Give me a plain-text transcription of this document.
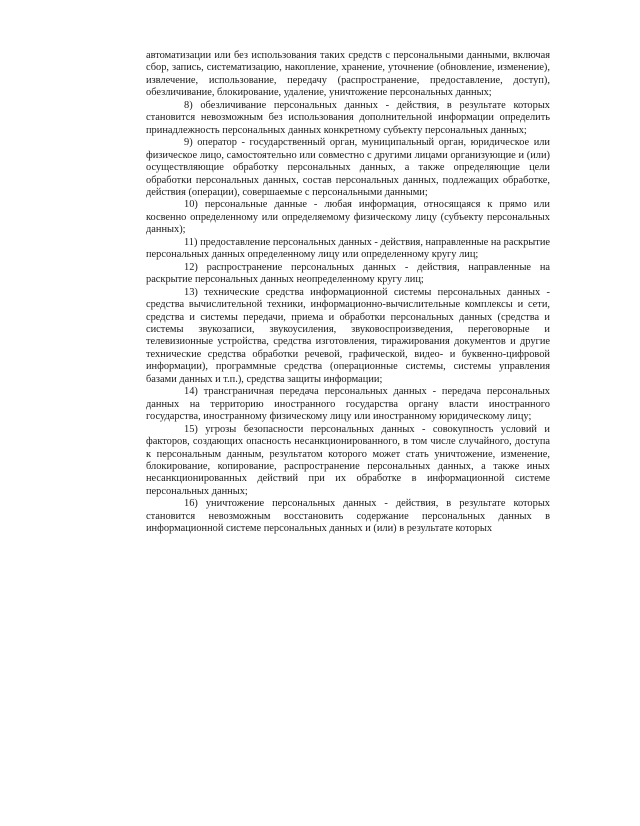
автоматизации или без использования таких средств с персональными данными, включая сбор, запись, систематизацию, накопление, хранение, уточнение (обновление, изменение), извлечение, использование, передачу (распространение, предоставление, доступ), обезличивание, блокирование, удаление, уничтожение персональных данных;

8) обезличивание персональных данных - действия, в результате которых становится невозможным без использования дополнительной информации определить принадлежность персональных данных конкретному субъекту персональных данных;

9) оператор - государственный орган, муниципальный орган, юридическое или физическое лицо, самостоятельно или совместно с другими лицами организующие и (или) осуществляющие обработку персональных данных, а также определяющие цели обработки персональных данных, состав персональных данных, подлежащих обработке, действия (операции), совершаемые с персональными данными;

10) персональные данные - любая информация, относящаяся к прямо или косвенно определенному или определяемому физическому лицу (субъекту персональных данных);

11) предоставление персональных данных - действия, направленные на раскрытие персональных данных определенному лицу или определенному кругу лиц;

12) распространение персональных данных - действия, направленные на раскрытие персональных данных неопределенному кругу лиц;

13) технические средства информационной системы персональных данных - средства вычислительной техники, информационно-вычислительные комплексы и сети, средства и системы передачи, приема и обработки персональных данных (средства и системы звукозаписи, звукоусиления, звуковоспроизведения, переговорные и телевизионные устройства, средства изготовления, тиражирования документов и другие технические средства обработки речевой, графической, видео- и буквенно-цифровой информации), программные средства (операционные системы, системы управления базами данных и т.п.), средства защиты информации;

14) трансграничная передача персональных данных - передача персональных данных на территорию иностранного государства органу власти иностранного государства, иностранному физическому лицу или иностранному юридическому лицу;

15) угрозы безопасности персональных данных - совокупность условий и факторов, создающих опасность несанкционированного, в том числе случайного, доступа к персональным данным, результатом которого может стать уничтожение, изменение, блокирование, копирование, распространение персональных данных, а также иных несанкционированных действий при их обработке в информационной системе персональных данных;

16) уничтожение персональных данных - действия, в результате которых становится невозможным восстановить содержание персональных данных в информационной системе персональных данных и (или) в результате которых
